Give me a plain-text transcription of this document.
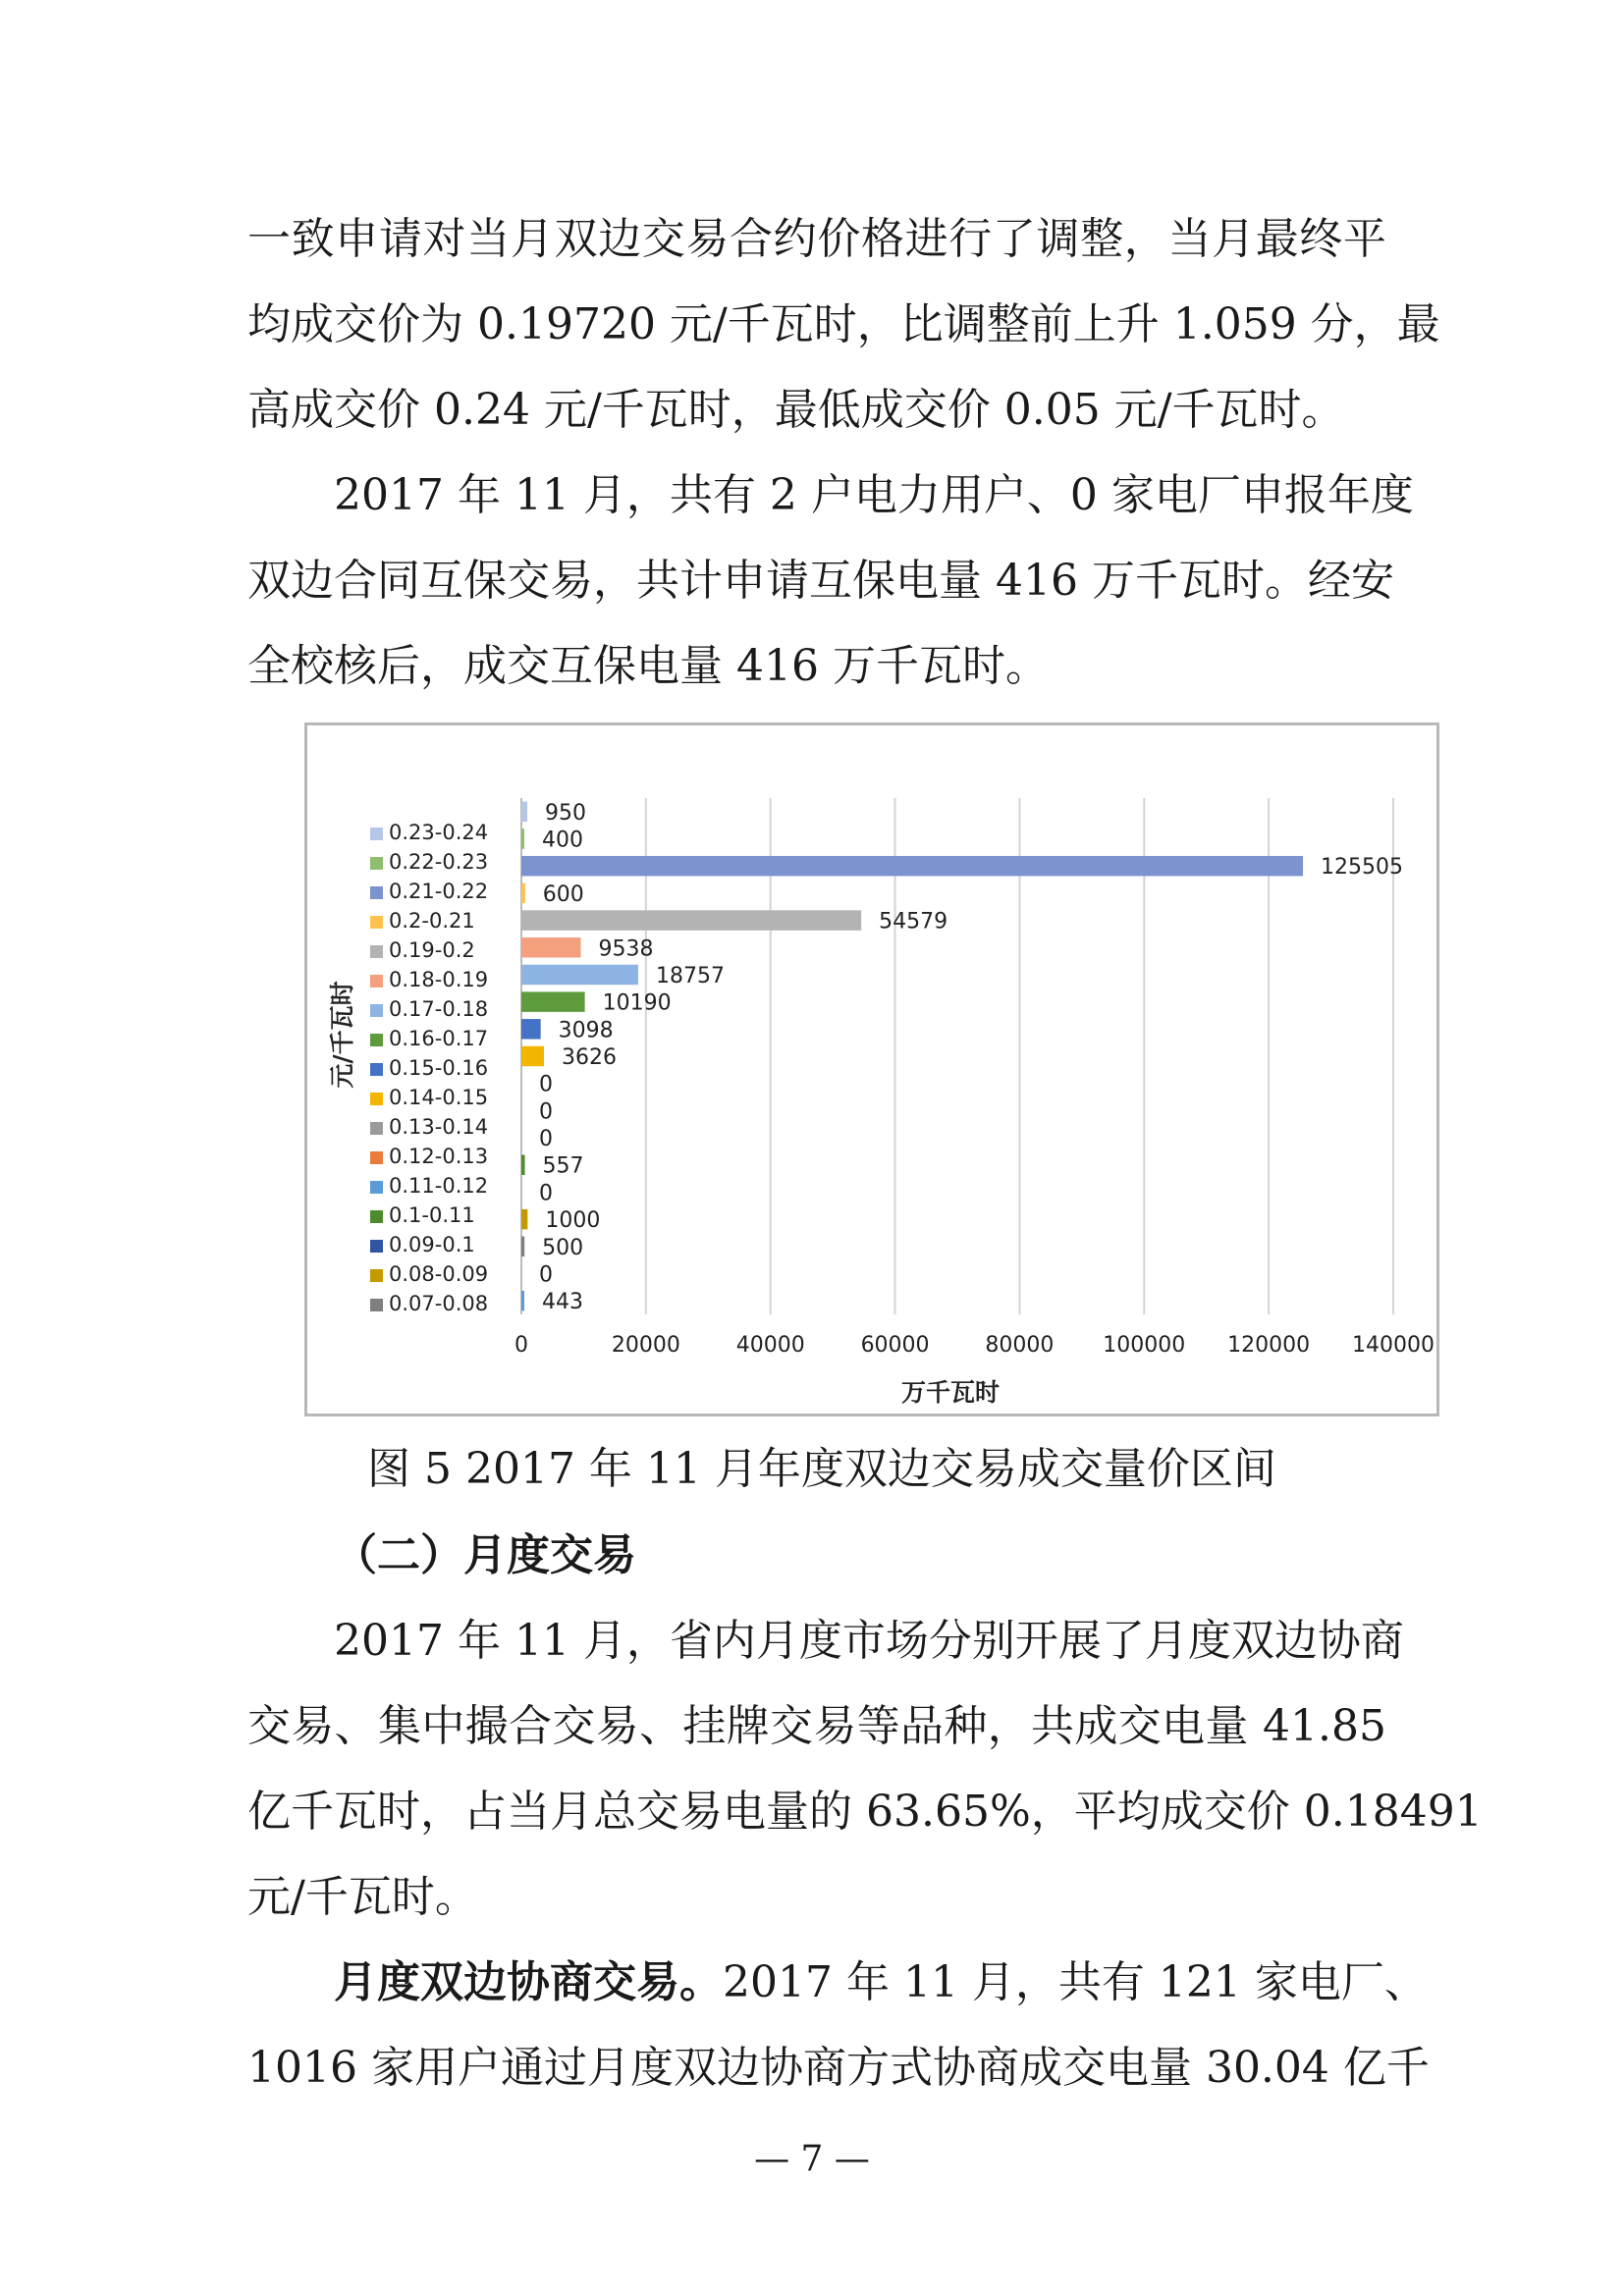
一致申请对当月双边交易合约价格进行了调整，当月最终平
均成交价为 0.19720 元/千瓦时，比调整前上升 1.059 分，最
高成交价 0.24 元/千瓦时，最低成交价 0.05 元/千瓦时。
2017 年 11 月，共有 2 户电力用户、0 家电厂申报年度
双边合同互保交易，共计申请互保电量 416 万千瓦时。经安
全校核后，成交互保电量 416 万千瓦时。
950
400
125505
600
54579
9538
18757
10190
3098
3626
0
0
0
557
0
1000
500
0
443
0.23-0.24
0.22-0.23
0.21-0.22
0.2-0.21
0.19-0.2
0.18-0.19
0.17-0.18
0.16-0.17
0.15-0.16
0.14-0.15
0.13-0.14
0.12-0.13
0.11-0.12
0.1-0.11
0.09-0.1
0.08-0.09
0.07-0.08
0	20000	40000	60000	80000 100000 120000 140000
万千瓦时
元/千瓦时
图 5 2017 年 11 月年度双边交易成交量价区间
（二）月度交易
2017 年 11 月，省内月度市场分别开展了月度双边协商
交易、集中撮合交易、挂牌交易等品种，共成交电量 41.85
亿千瓦时，占当月总交易电量的 63.65%，平均成交价 0.18491
元/千瓦时。
月度双边协商交易。2017 年 11 月，共有 121 家电厂、
1016 家用户通过月度双边协商方式协商成交电量 30.04 亿千
— 7 —
